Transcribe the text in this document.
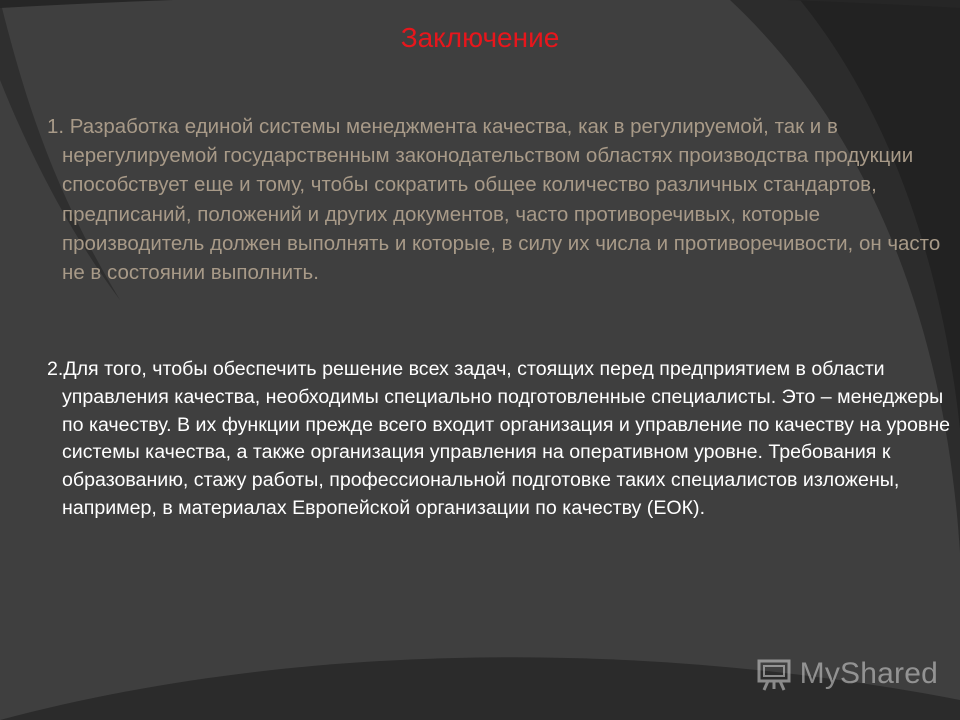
Заключение

1. Разработка единой системы менеджмента качества, как в регулируемой, так и в нерегулируемой государственным законодательством областях производства продукции способствует еще и тому, чтобы сократить общее количество различных стандартов, предписаний, положений и других документов, часто противоречивых, которые производитель должен выполнять и которые, в силу их числа и противоречивости, он часто не в состоянии выполнить.

2.Для того, чтобы обеспечить решение всех задач, стоящих перед предприятием в области управления качества, необходимы специально подготовленные специалисты. Это – менеджеры по качеству. В их функции прежде всего входит организация и управление по качеству на уровне системы качества, а также организация управления на оперативном уровне. Требования к образованию, стажу работы, профессиональной подготовке таких специалистов изложены, например, в материалах Европейской организации по качеству (ЕОК).

MyShared
